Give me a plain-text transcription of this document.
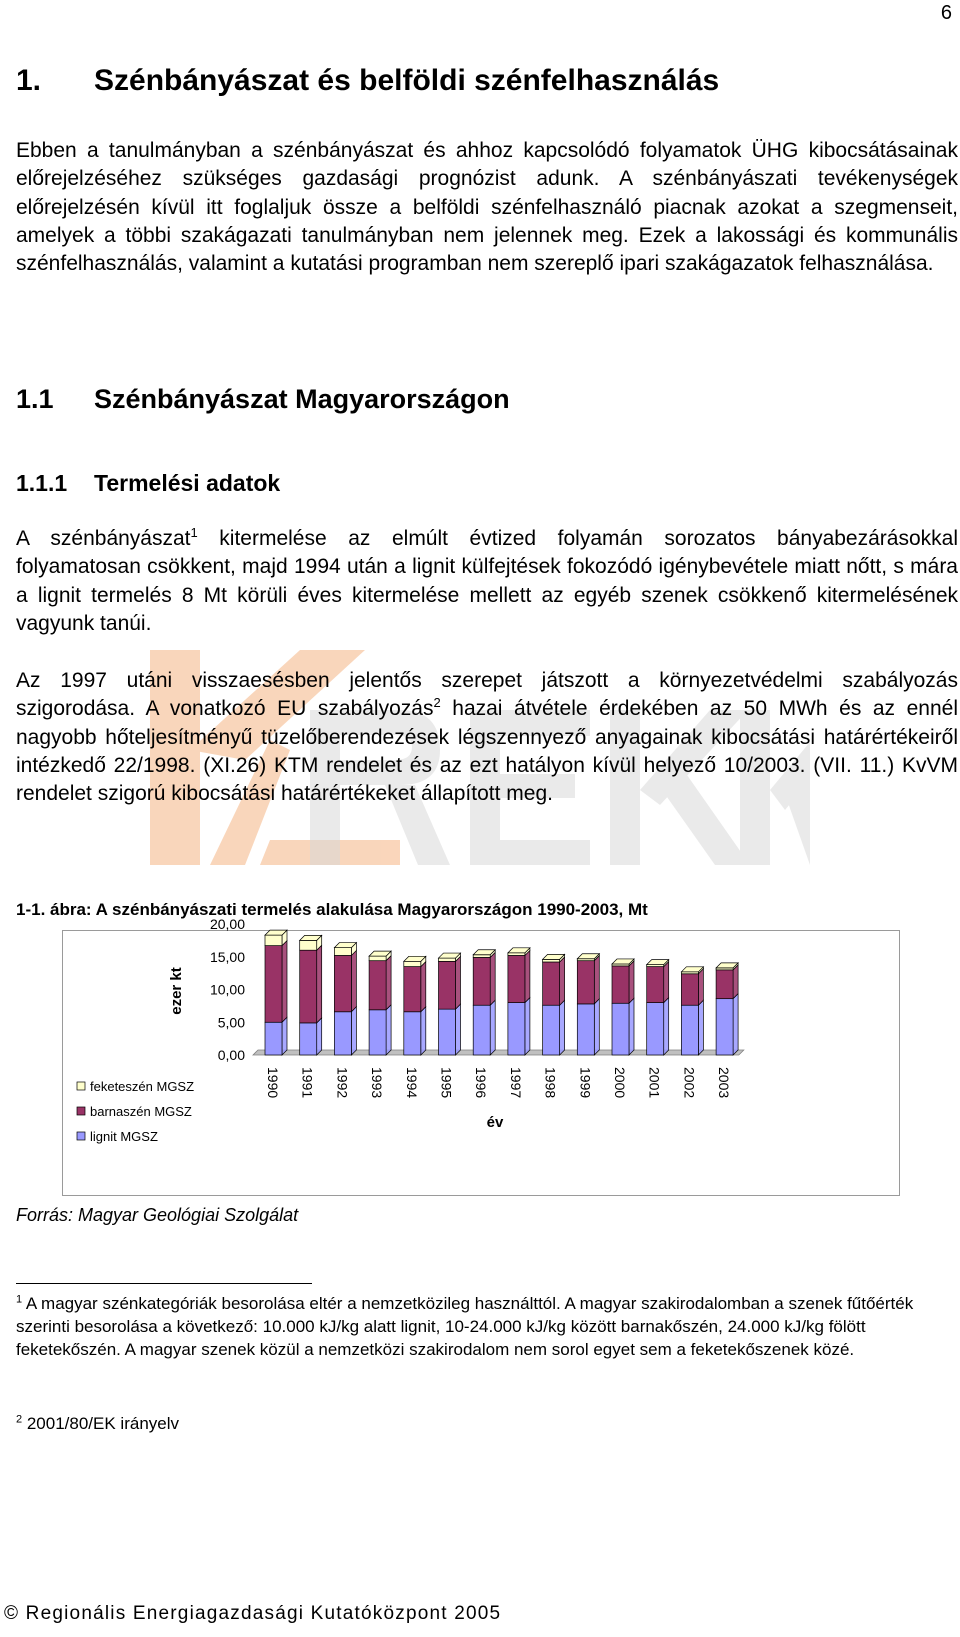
6
1. Szénbányászat és belföldi szénfelhasználás

Ebben a tanulmányban a szénbányászat és ahhoz kapcsolódó folyamatok ÜHG kibocsátásainak előrejelzéséhez szükséges gazdasági prognózist adunk. A szénbányászati tevékenységek előrejelzésén kívül itt foglaljuk össze a belföldi szénfelhasználó piacnak azokat a szegmenseit, amelyek a többi szakágazati tanulmányban nem jelennek meg. Ezek a lakossági és kommunális szénfelhasználás, valamint a kutatási programban nem szereplő ipari szakágazatok felhasználása.

1.1 Szénbányászat Magyarországon
1.1.1 Termelési adatok

A szénbányászat$^1$ kitermelése az elmúlt évtized folyamán sorozatos bányabezárásokkal folyamatosan csökkent, majd 1994 után a lignit külfejtések fokozódó igénybevétele miatt nőtt, s mára a lignit termelés 8 Mt körüli éves kitermelése mellett az egyéb szenek csökkenő kitermelésének vagyunk tanúi.

Az 1997 utáni visszaesésben jelentős szerepet játszott a környezetvédelmi szabályozás szigorodása. A vonatkozó EU szabályozás$^2$ hazai átvétele érdekében az 50 MWh és az ennél nagyobb hőteljesítményű tüzelőberendezések légszennyező anyagainak kibocsátási határértékeiről intézkedő 22/1998. (XI.26) KTM rendelet és az ezt hatályon kívül helyező 10/2003. (VII. 11.) KvVM rendelet szigorú kibocsátási határértékeket állapított meg.

1-1. ábra: A szénbányászati termelés alakulása Magyarországon 1990-2003, Mt
0,00
5,00
10,00
15,00
20,00
ezer kt
1990 1991 1992 1993 1994 1995 1996 1997 1998 1999 2000 2001 2002 2003
év
feketeszén MGSZ
barnaszén MGSZ
lignit MGSZ
Forrás: Magyar Geológiai Szolgálat
$^1$ A magyar szénkategóriák besorolása eltér a nemzetközileg használttól. A magyar szakirodalomban a szenek fűtőérték szerinti besorolása a következő: 10.000 kJ/kg alatt lignit, 10-24.000 kJ/kg között barnakőszén, 24.000 kJ/kg fölött feketekőszén. A magyar szenek közül a nemzetközi szakirodalom nem sorol egyet sem a feketekőszenek közé.
$^2$ 2001/80/EK irányelv
© Regionális Energiagazdasági Kutatóközpont 2005
